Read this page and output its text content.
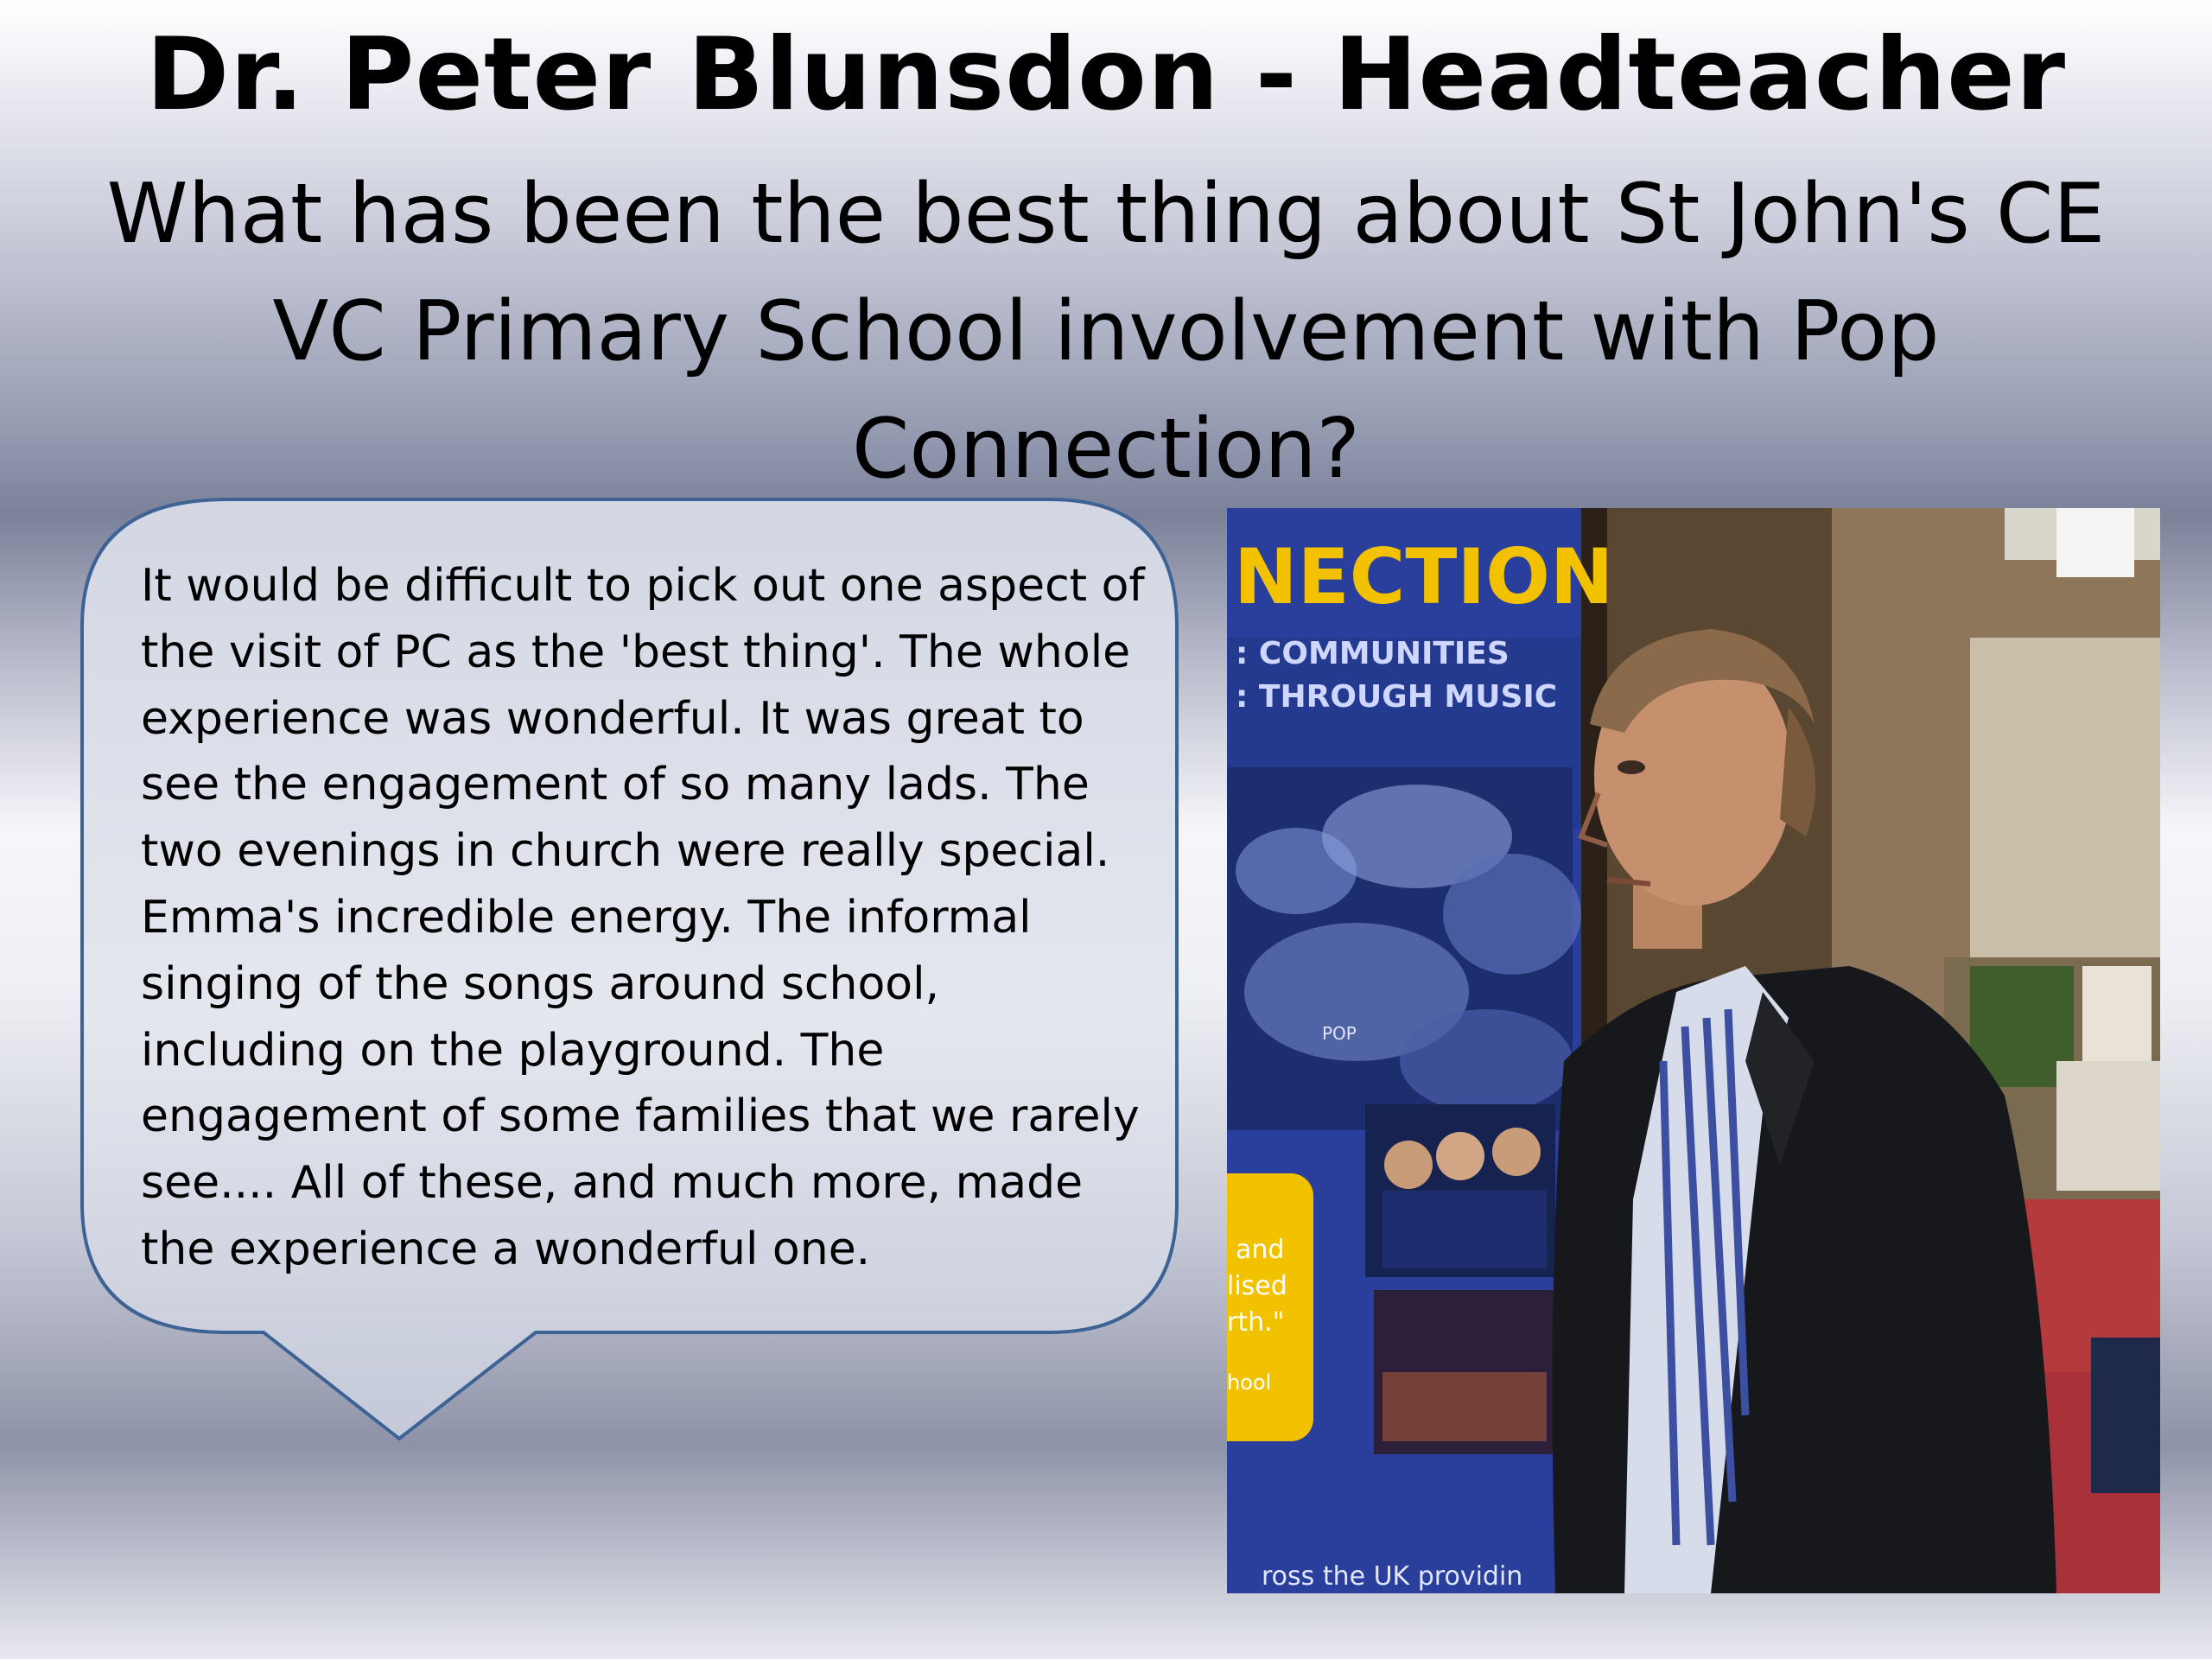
Dr. Peter Blunsdon - Headteacher
What has been the best thing about St John's CE VC Primary School involvement with Pop Connection?
It would be difficult to pick out one aspect of the visit of PC as the 'best thing'. The whole experience was wonderful. It was great to see the engagement of so many lads. The two evenings in church were really special. Emma's incredible energy. The informal singing of the songs around school, including on the playground. The engagement of some families that we rarely see.... All of these, and much more, made the experience a wonderful one.
NECTION
: COMMUNITIES
: THROUGH MUSIC
POP
and
lised
rth."
hool
ross the UK providin
